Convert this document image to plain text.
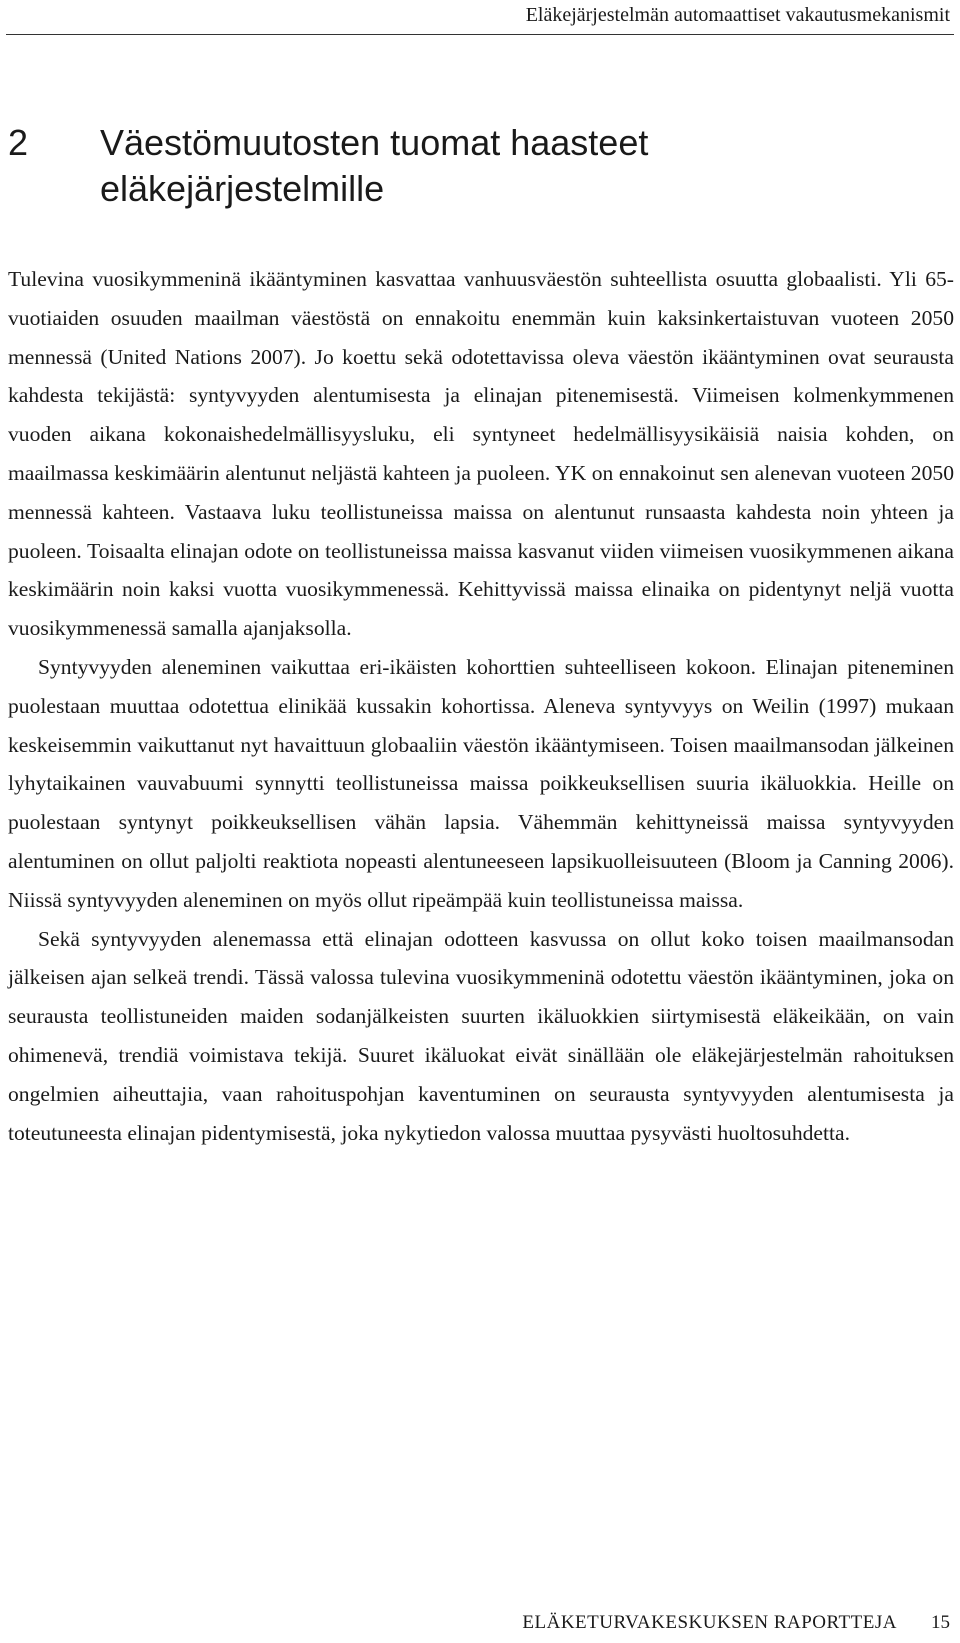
Eläkejärjestelmän automaattiset vakautusmekanismit
2 Väestömuutosten tuomat haasteet eläkejärjestelmille

Tulevina vuosikymmeninä ikääntyminen kasvattaa vanhuusväestön suhteellista osuutta globaalisti. Yli 65-vuotiaiden osuuden maailman väestöstä on ennakoitu enemmän kuin kaksinkertaistuvan vuoteen 2050 mennessä (United Nations 2007). Jo koettu sekä odotettavissa oleva väestön ikääntyminen ovat seurausta kahdesta tekijästä: syntyvyyden alentumisesta ja elinajan pitenemisestä. Viimeisen kolmenkymmenen vuoden aikana kokonaishedelmällisyysluku, eli syntyneet hedelmällisyysikäisiä naisia kohden, on maailmassa keskimäärin alentunut neljästä kahteen ja puoleen. YK on ennakoinut sen alenevan vuoteen 2050 mennessä kahteen. Vastaava luku teollistuneissa maissa on alentunut runsaasta kahdesta noin yhteen ja puoleen. Toisaalta elinajan odote on teollistuneissa maissa kasvanut viiden viimeisen vuosikymmenen aikana keskimäärin noin kaksi vuotta vuosikymmenessä. Kehittyvissä maissa elinaika on pidentynyt neljä vuotta vuosikymmenessä samalla ajanjaksolla.

Syntyvyyden aleneminen vaikuttaa eri-ikäisten kohorttien suhteelliseen kokoon. Elinajan piteneminen puolestaan muuttaa odotettua elinikää kussakin kohortissa. Aleneva syntyvyys on Weilin (1997) mukaan keskeisemmin vaikuttanut nyt havaittuun globaaliin väestön ikääntymiseen. Toisen maailmansodan jälkeinen lyhytaikainen vauvabuumi synnytti teollistuneissa maissa poikkeuksellisen suuria ikäluokkia. Heille on puolestaan syntynyt poikkeuksellisen vähän lapsia. Vähemmän kehittyneissä maissa syntyvyyden alentuminen on ollut paljolti reaktiota nopeasti alentuneeseen lapsikuolleisuuteen (Bloom ja Canning 2006). Niissä syntyvyyden aleneminen on myös ollut ripeämpää kuin teollistuneissa maissa.

Sekä syntyvyyden alenemassa että elinajan odotteen kasvussa on ollut koko toisen maailmansodan jälkeisen ajan selkeä trendi. Tässä valossa tulevina vuosikymmeninä odotettu väestön ikääntyminen, joka on seurausta teollistuneiden maiden sodanjälkeisten suurten ikäluokkien siirtymisestä eläkeikään, on vain ohimenevä, trendiä voimistava tekijä. Suuret ikäluokat eivät sinällään ole eläkejärjestelmän rahoituksen ongelmien aiheuttajia, vaan rahoituspohjan kaventuminen on seurausta syntyvyyden alentumisesta ja toteutuneesta elinajan pidentymisestä, joka nykytiedon valossa muuttaa pysyvästi huoltosuhdetta.

ELÄKETURVAKESKUKSEN RAPORTTEJA 15
